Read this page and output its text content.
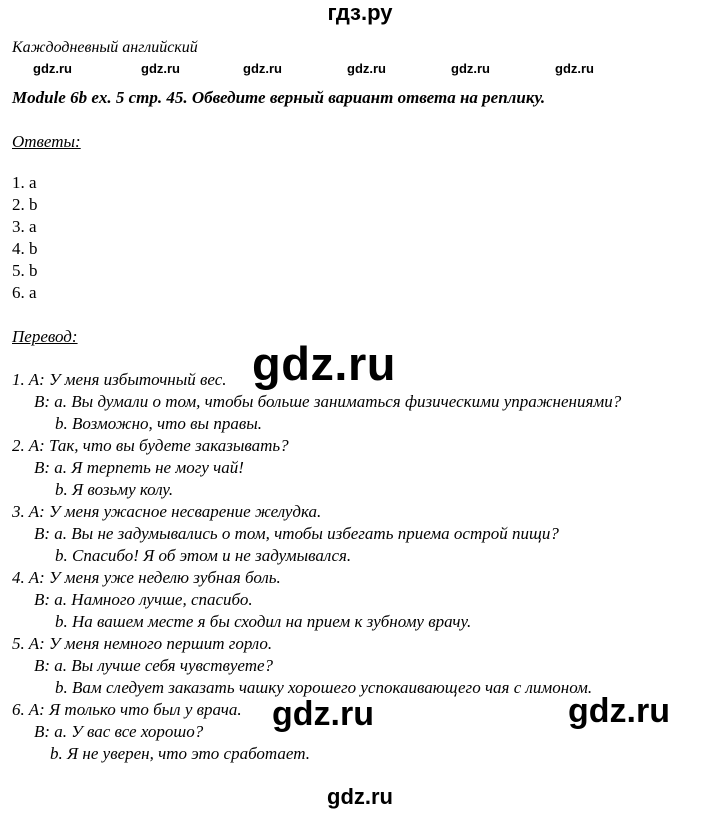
гдз.ру
Каждодневный английский
gdz.ru	gdz.ru	gdz.ru	gdz.ru	gdz.ru	gdz.ru
Module 6b ex. 5 стр. 45. Обведите верный вариант ответа на реплику.
Ответы:
1. a
2. b
3. a
4. b
5. b
6. a
Перевод:
1. A: У меня избыточный вес.
B: a. Вы думали о том, чтобы больше заниматься физическими упражнениями?
b. Возможно, что вы правы.
2. A: Так, что вы будете заказывать?
B: a. Я терпеть не могу чай!
b. Я возьму колу.
3. A: У меня ужасное несварение желудка.
B: a. Вы не задумывались о том, чтобы избегать приема острой пищи?
b. Спасибо! Я об этом и не задумывался.
4. A: У меня уже неделю зубная боль.
B: a. Намного лучше, спасибо.
b. На вашем месте я бы сходил на прием к зубному врачу.
5. A: У меня немного першит горло.
B: a. Вы лучше себя чувствуете?
b. Вам следует заказать чашку хорошего успокаивающего чая с лимоном.
6. A: Я только что был у врача.
B: a. У вас все хорошо?
b. Я не уверен, что это сработает.
gdz.ru
gdz.ru	gdz.ru
gdz.ru
